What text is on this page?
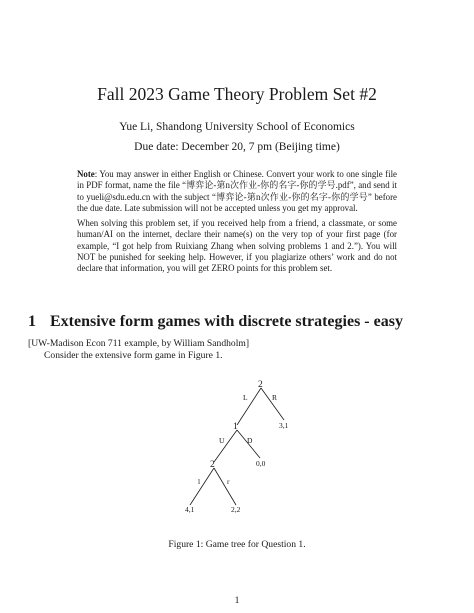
Fall 2023 Game Theory Problem Set #2
Yue Li, Shandong University School of Economics
Due date: December 20, 7 pm (Beijing time)

Note: You may answer in either English or Chinese. Convert your work to one single file in PDF format, name the file “博弈论-第n次作业-你的名字-你的学号.pdf”, and send it to yueli@sdu.edu.cn with the subject “博弈论-第n次作业-你的名字-你的学号” before the due date. Late submission will not be accepted unless you get my approval.

When solving this problem set, if you received help from a friend, a classmate, or some human/AI on the internet, declare their name(s) on the very top of your first page (for example, “I got help from Ruixiang Zhang when solving problems 1 and 2.”). You will NOT be punished for seeking help. However, if you plagiarize others’ work and do not declare that information, you will get ZERO points for this problem set.

1 Extensive form games with discrete strategies - easy
[UW-Madison Econ 711 example, by William Sandholm]
Consider the extensive form game in Figure 1.
2
1
2
L	R
U	D
l	r
3,1
0,0
4,1	2,2
Figure 1: Game tree for Question 1.
1
